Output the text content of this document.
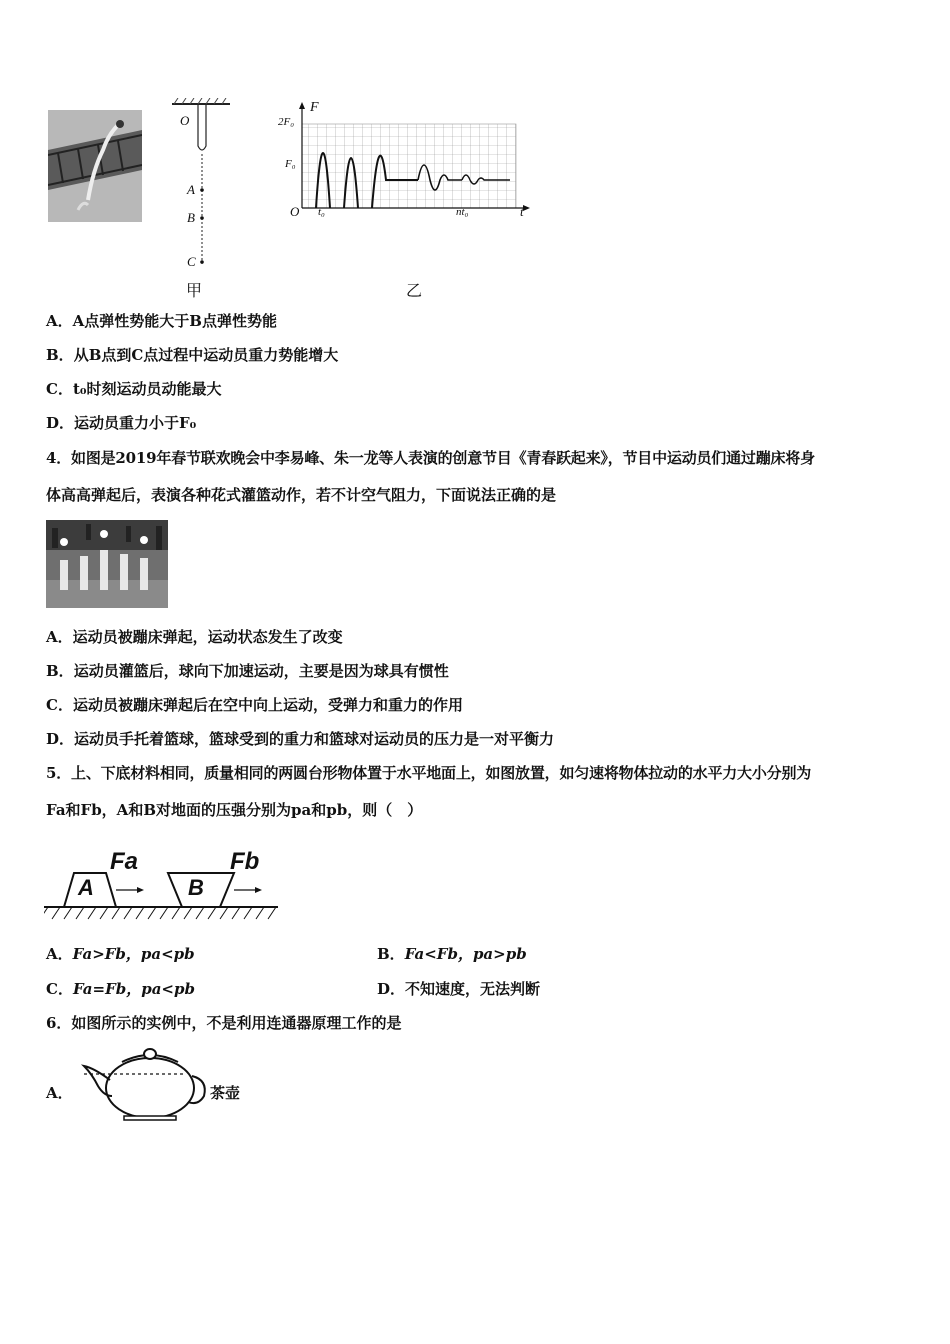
O
A
B
C
甲
F
2F₀
F₀
O t₀	nt₀	t
乙
A．A点弹性势能大于B点弹性势能
B．从B点到C点过程中运动员重力势能增大
C．t₀时刻运动员动能最大
D．运动员重力小于F₀
4．如图是2019年春节联欢晚会中李易峰、朱一龙等人表演的创意节目《青春跃起来》，节目中运动员们通过蹦床将身
体高高弹起后，表演各种花式灌篮动作，若不计空气阻力，下面说法正确的是
A．运动员被蹦床弹起，运动状态发生了改变
B．运动员灌篮后，球向下加速运动，主要是因为球具有惯性
C．运动员被蹦床弹起后在空中向上运动，受弹力和重力的作用
D．运动员手托着篮球，篮球受到的重力和篮球对运动员的压力是一对平衡力
5．上、下底材料相同，质量相同的两圆台形物体置于水平地面上，如图放置，如匀速将物体拉动的水平力大小分别为
Fa和Fb，A和B对地面的压强分别为pa和pb，则（　）
A	B
Fa	Fb
A．Fa>Fb，pa<pb	B．Fa<Fb，pa>pb
C．Fa=Fb，pa<pb	D．不知速度，无法判断
6．如图所示的实例中，不是利用连通器原理工作的是
A．	茶壶
